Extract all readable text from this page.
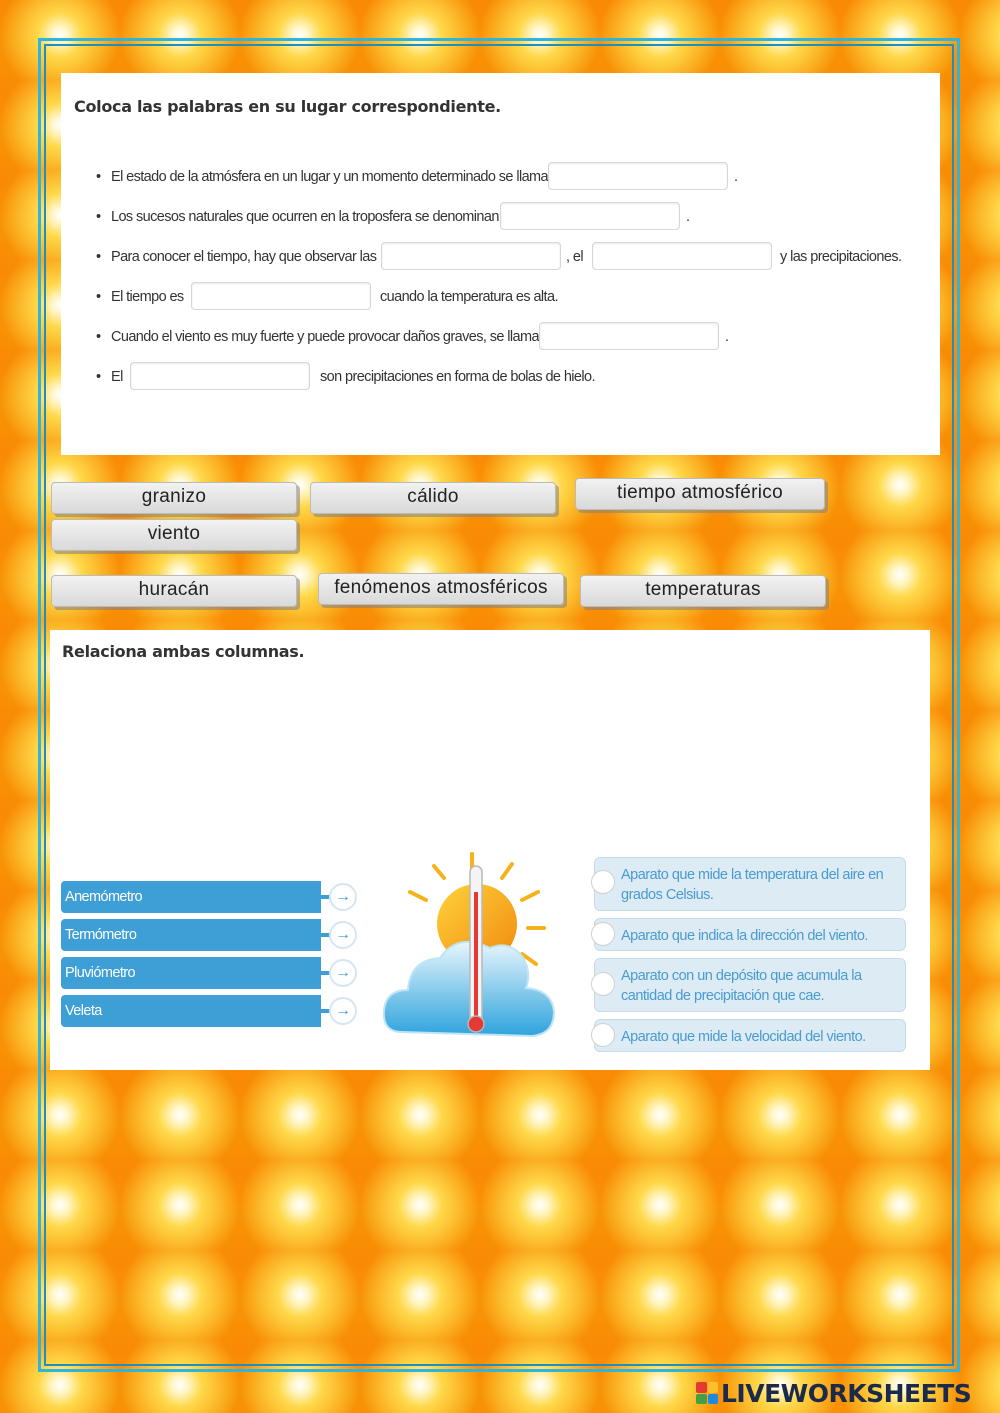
Coloca las palabras en su lugar correspondiente.
• El estado de la atmósfera en un lugar y un momento determinado se llama	.
• Los sucesos naturales que ocurren en la troposfera se denominan	.
• Para conocer el tiempo, hay que observar las	, el	y las precipitaciones.
• El tiempo es	cuando la temperatura es alta.
• Cuando el viento es muy fuerte y puede provocar daños graves, se llama	.
• El	son precipitaciones en forma de bolas de hielo.
granizo	cálido	tiempo atmosférico
viento
huracán	fenómenos atmosféricos	temperaturas
Relaciona ambas columnas.
Anemómetro	→
Termómetro	→
Pluviómetro	→
Veleta	→
Aparato que mide la temperatura del aire en grados Celsius.
Aparato que indica la dirección del viento.
Aparato con un depósito que acumula la cantidad de precipitación que cae.
Aparato que mide la velocidad del viento.
LIVEWORKSHEETS
